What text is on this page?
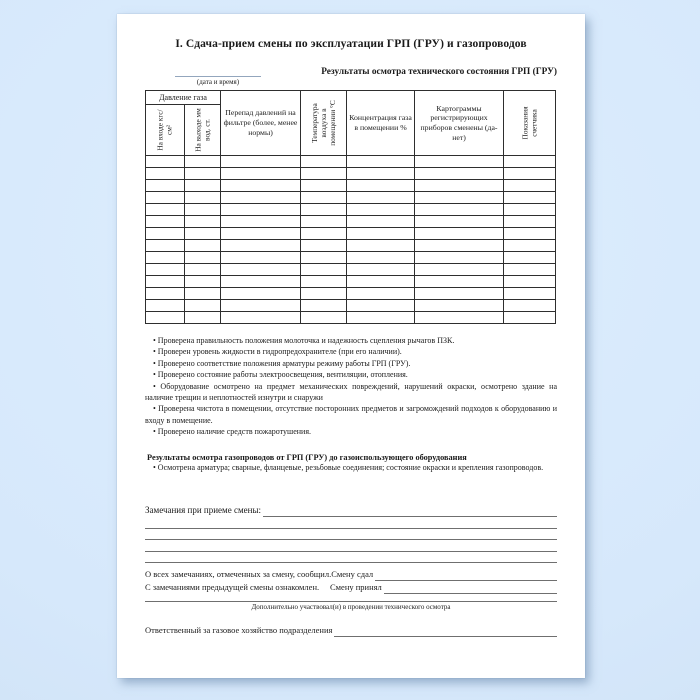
I. Сдача-прием смены по эксплуатации ГРП (ГРУ) и газопроводов
(дата и время)
Результаты осмотра технического состояния ГРП (ГРУ)
Давление газа		Перепад давлений на фильтре (более, менее нормы)	Температура воздуха в помещении °С	Концентрация газа в помещении %	Картограммы регистрирующих приборов сменены (да-нет)	Показания счетчика

На входе кгс/см²	На выходе мм вод. ст.					

• Проверена правильность положения молоточка и надежность сцепления рычагов ПЗК.

• Проверен уровень жидкости в гидропредохранителе (при его наличии).

• Проверено соответствие положения арматуры режиму работы ГРП (ГРУ).

• Проверено состояние работы электроосвещения, вентиляции, отопления.

• Оборудование осмотрено на предмет механических повреждений, нарушений окраски, осмотрено здание на наличие трещин и неплотностей изнутри и снаружи

• Проверена чистота в помещении, отсутствие посторонних предметов и загромождений подходов к оборудованию и входу в помещение.

• Проверено наличие средств пожаротушения.

Результаты осмотра газопроводов от ГРП (ГРУ) до газоиспользующего оборудования

• Осмотрена арматура; сварные, фланцевые, резьбовые соединения; состояние окраски и крепления газопроводов.

Замечания при приеме смены:
О всех замечаниях, отмеченных за смену, сообщил. Смену сдал
С замечаниями предыдущей смены ознакомлен.	Смену принял
Дополнительно участвовал(и) в проведении технического осмотра
Ответственный за газовое хозяйство подразделения
